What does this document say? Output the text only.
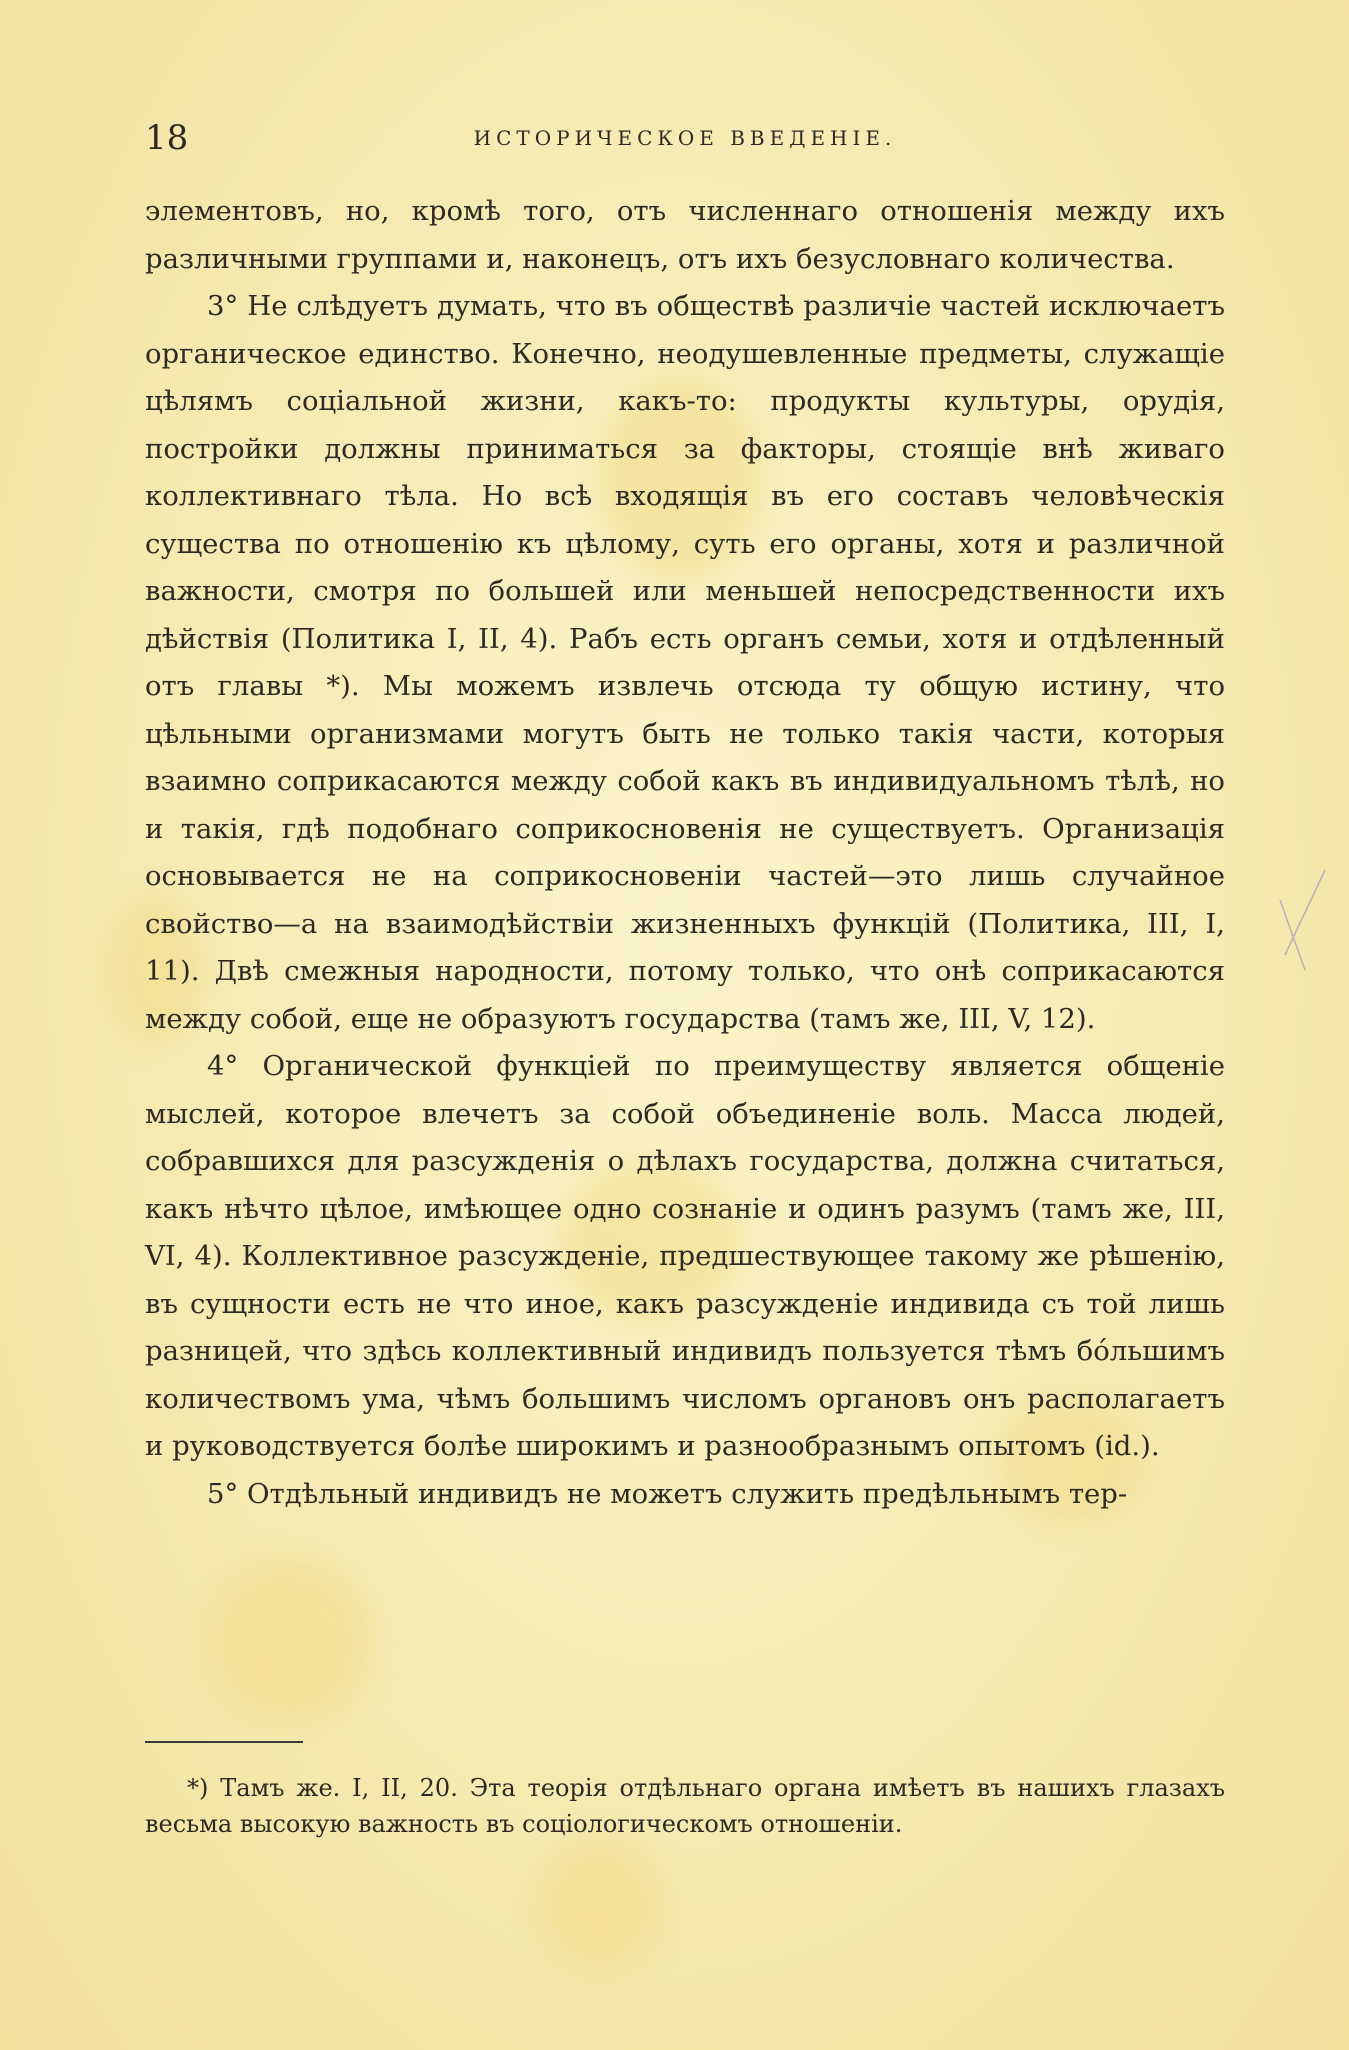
18	ИСТОРИЧЕСКОЕ ВВЕДЕНІЕ.

элементовъ, но, кромѣ того, отъ численнаго отношенія между ихъ различными группами и, наконецъ, отъ ихъ безусловнаго количества.

3° Не слѣдуетъ думать, что въ обществѣ различіе частей исключаетъ органическое единство. Конечно, неодушевленные предметы, служащіе цѣлямъ соціальной жизни, какъ-то: продукты культуры, орудія, постройки должны приниматься за факторы, стоящіе внѣ живаго коллективнаго тѣла. Но всѣ входящія въ его составъ человѣческія существа по отношенію къ цѣлому, суть его органы, хотя и различной важности, смотря по большей или меньшей непосредственности ихъ дѣйствія (Политика I, II, 4). Рабъ есть органъ семьи, хотя и отдѣленный отъ главы *). Мы можемъ извлечь отсюда ту общую истину, что цѣльными организмами могутъ быть не только такія части, которыя взаимно соприкасаются между собой какъ въ индивидуальномъ тѣлѣ, но и такія, гдѣ подобнаго соприкосновенія не существуетъ. Организація основывается не на соприкосновеніи частей—это лишь случайное свойство—а на взаимодѣйствіи жизненныхъ функцій (Политика, III, I, 11). Двѣ смежныя народности, потому только, что онѣ соприкасаются между собой, еще не образуютъ государства (тамъ же, III, V, 12).

4° Органической функціей по преимуществу является общеніе мыслей, которое влечетъ за собой объединеніе воль. Масса людей, собравшихся для разсужденія о дѣлахъ государства, должна считаться, какъ нѣчто цѣлое, имѣющее одно сознаніе и одинъ разумъ (тамъ же, III, VI, 4). Коллективное разсужденіе, предшествующее такому же рѣшенію, въ сущности есть не что иное, какъ разсужденіе индивида съ той лишь разницей, что здѣсь коллективный индивидъ пользуется тѣмъ бо́льшимъ количествомъ ума, чѣмъ большимъ числомъ органовъ онъ располагаетъ и руководствуется болѣе широкимъ и разнообразнымъ опытомъ (id.).

5° Отдѣльный индивидъ не можетъ служить предѣльнымъ тер-

*) Тамъ же. I, II, 20. Эта теорія отдѣльнаго органа имѣетъ въ нашихъ глазахъ весьма высокую важность въ соціологическомъ отношеніи.
